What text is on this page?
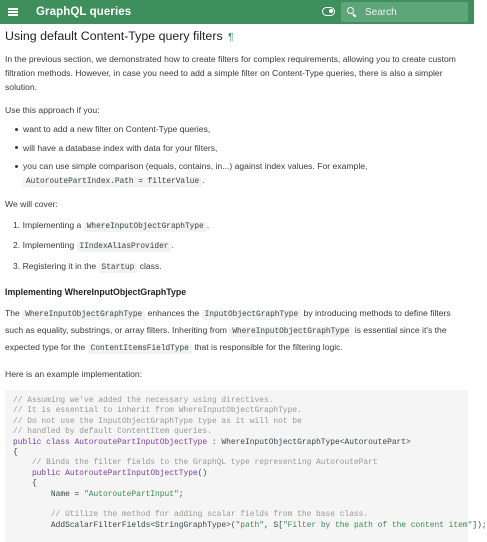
GraphQL queries
Search
Using default Content-Type query filters ¶

In the previous section, we demonstrated how to create filters for complex requirements, allowing you to create custom filtration methods. However, in case you need to add a simple filter on Content-Type queries, there is also a simpler solution.

Use this approach if you:

want to add a new filter on Content-Type queries,
will have a database index with data for your filters,
you can use simple comparison (equals, contains, in...) against index values. For example,
AutoroutePartIndex.Path = filterValue .

We will cover:

1. Implementing a WhereInputObjectGraphType .
2. Implementing IIndexAliasProvider .
3. Registering it in the Startup class.
Implementing WhereInputObjectGraphType

The WhereInputObjectGraphType enhances the InputObjectGraphType by introducing methods to define filters such as equality, substrings, or array filters. Inheriting from WhereInputObjectGraphType is essential since it's the expected type for the ContentItemsFieldType that is responsible for the filtering logic.

Here is an example implementation:

// Assuming we've added the necessary using directives.
// It is essential to inherit from WhereInputObjectGraphType.
// Do not use the InputObjectGraphType type as it will not be
// handled by default ContentItem queries.
public class AutoroutePartInputObjectType : WhereInputObjectGraphType<AutoroutePart>
{
// Binds the filter fields to the GraphQL type representing AutoroutePart
public AutoroutePartInputObjectType()
{
Name = "AutoroutePartInput";

// Utilize the method for adding scalar fields from the base class.
AddScalarFilterFields<StringGraphType>("path", S["Filter by the path of the content item"]);
